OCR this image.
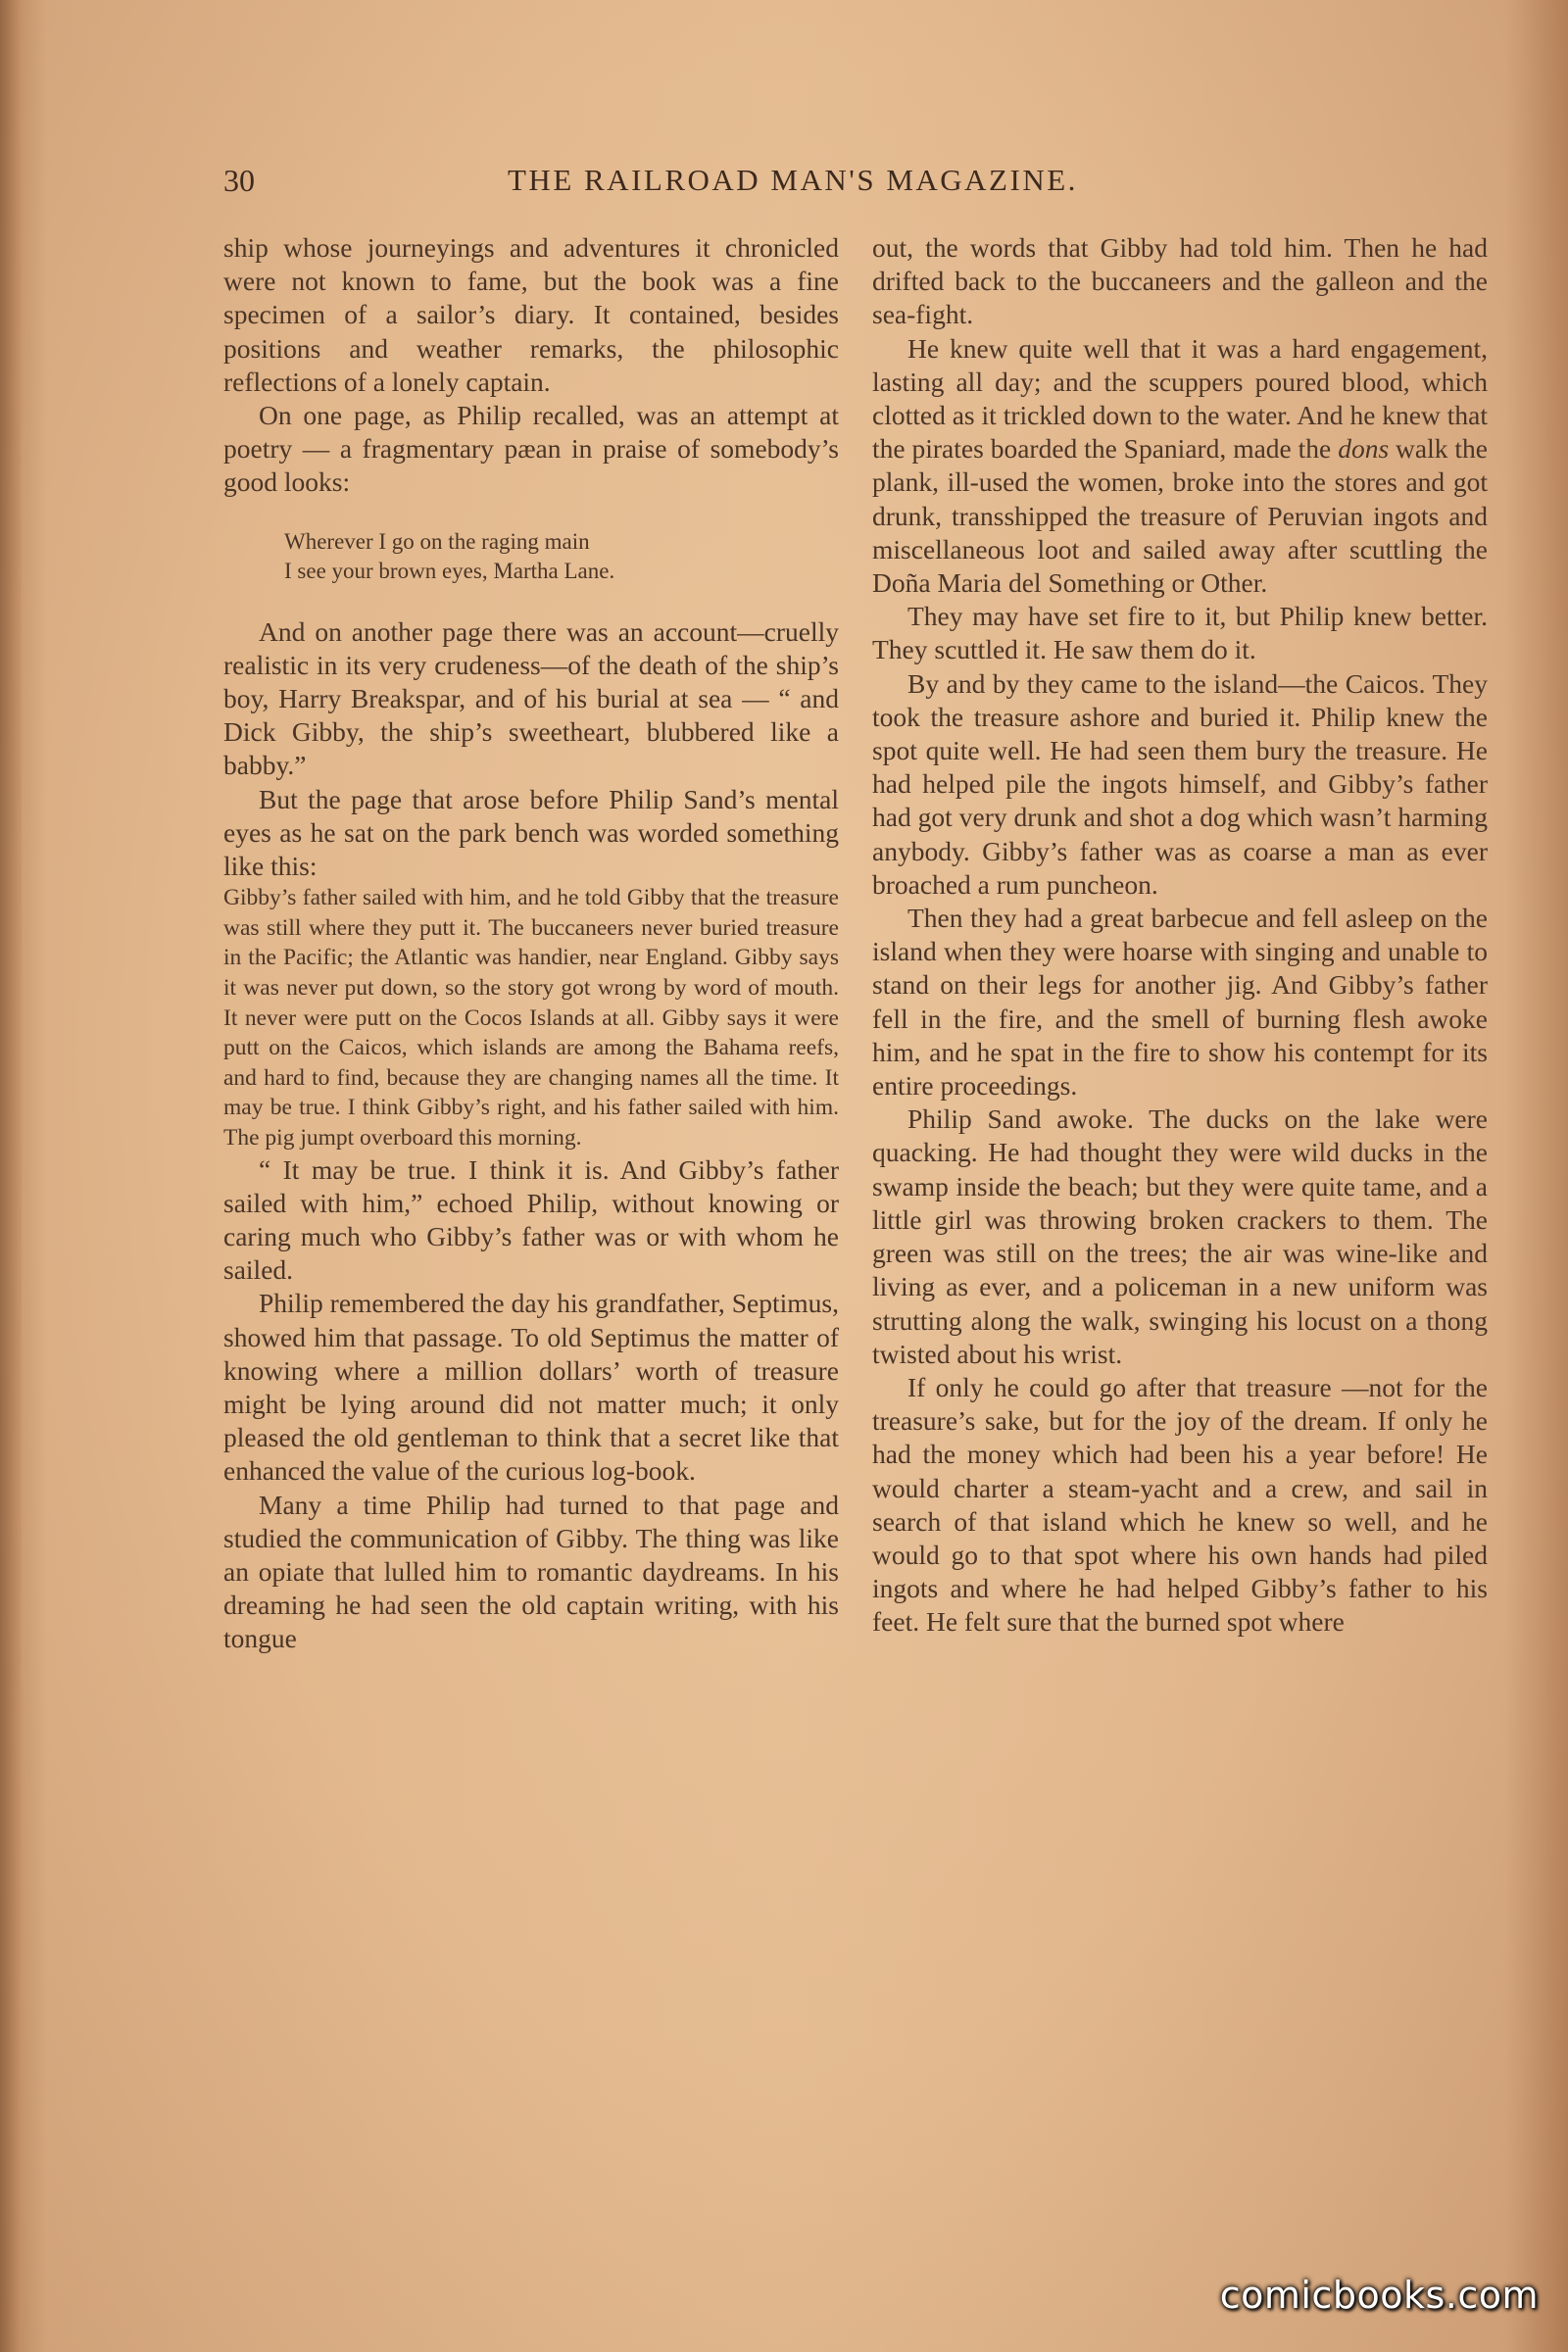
30	THE RAILROAD MAN'S MAGAZINE.

ship whose journeyings and adventures it chronicled were not known to fame, but the book was a fine specimen of a sailor’s diary. It contained, besides positions and weather remarks, the philosophic reflections of a lonely captain.

On one page, as Philip recalled, was an attempt at poetry — a fragmentary pæan in praise of somebody’s good looks:

Wherever I go on the raging main
I see your brown eyes, Martha Lane.

And on another page there was an account—cruelly realistic in its very crudeness—of the death of the ship’s boy, Harry Breakspar, and of his burial at sea — “ and Dick Gibby, the ship’s sweetheart, blubbered like a babby.”

But the page that arose before Philip Sand’s mental eyes as he sat on the park bench was worded something like this:

Gibby’s father sailed with him, and he told Gibby that the treasure was still where they putt it. The buccaneers never buried treasure in the Pacific; the Atlantic was handier, near England. Gibby says it was never put down, so the story got wrong by word of mouth. It never were putt on the Cocos Islands at all. Gibby says it were putt on the Caicos, which islands are among the Bahama reefs, and hard to find, because they are changing names all the time. It may be true. I think Gibby’s right, and his father sailed with him. The pig jumpt overboard this morning.

“ It may be true. I think it is. And Gibby’s father sailed with him,” echoed Philip, without knowing or caring much who Gibby’s father was or with whom he sailed.

Philip remembered the day his grandfather, Septimus, showed him that passage. To old Septimus the matter of knowing where a million dollars’ worth of treasure might be lying around did not matter much; it only pleased the old gentleman to think that a secret like that enhanced the value of the curious log-book.

Many a time Philip had turned to that page and studied the communication of Gibby. The thing was like an opiate that lulled him to romantic daydreams. In his dreaming he had seen the old captain writing, with his tongue

out, the words that Gibby had told him. Then he had drifted back to the buccaneers and the galleon and the sea-fight.

He knew quite well that it was a hard engagement, lasting all day; and the scuppers poured blood, which clotted as it trickled down to the water. And he knew that the pirates boarded the Spaniard, made the dons walk the plank, ill-used the women, broke into the stores and got drunk, transshipped the treasure of Peruvian ingots and miscellaneous loot and sailed away after scuttling the Doña Maria del Something or Other.

They may have set fire to it, but Philip knew better. They scuttled it. He saw them do it.

By and by they came to the island—the Caicos. They took the treasure ashore and buried it. Philip knew the spot quite well. He had seen them bury the treasure. He had helped pile the ingots himself, and Gibby’s father had got very drunk and shot a dog which wasn’t harming anybody. Gibby’s father was as coarse a man as ever broached a rum puncheon.

Then they had a great barbecue and fell asleep on the island when they were hoarse with singing and unable to stand on their legs for another jig. And Gibby’s father fell in the fire, and the smell of burning flesh awoke him, and he spat in the fire to show his contempt for its entire proceedings.

Philip Sand awoke. The ducks on the lake were quacking. He had thought they were wild ducks in the swamp inside the beach; but they were quite tame, and a little girl was throwing broken crackers to them. The green was still on the trees; the air was wine-like and living as ever, and a policeman in a new uniform was strutting along the walk, swinging his locust on a thong twisted about his wrist.

If only he could go after that treasure —not for the treasure’s sake, but for the joy of the dream. If only he had the money which had been his a year before! He would charter a steam-yacht and a crew, and sail in search of that island which he knew so well, and he would go to that spot where his own hands had piled ingots and where he had helped Gibby’s father to his feet. He felt sure that the burned spot where

comicbooks.com
